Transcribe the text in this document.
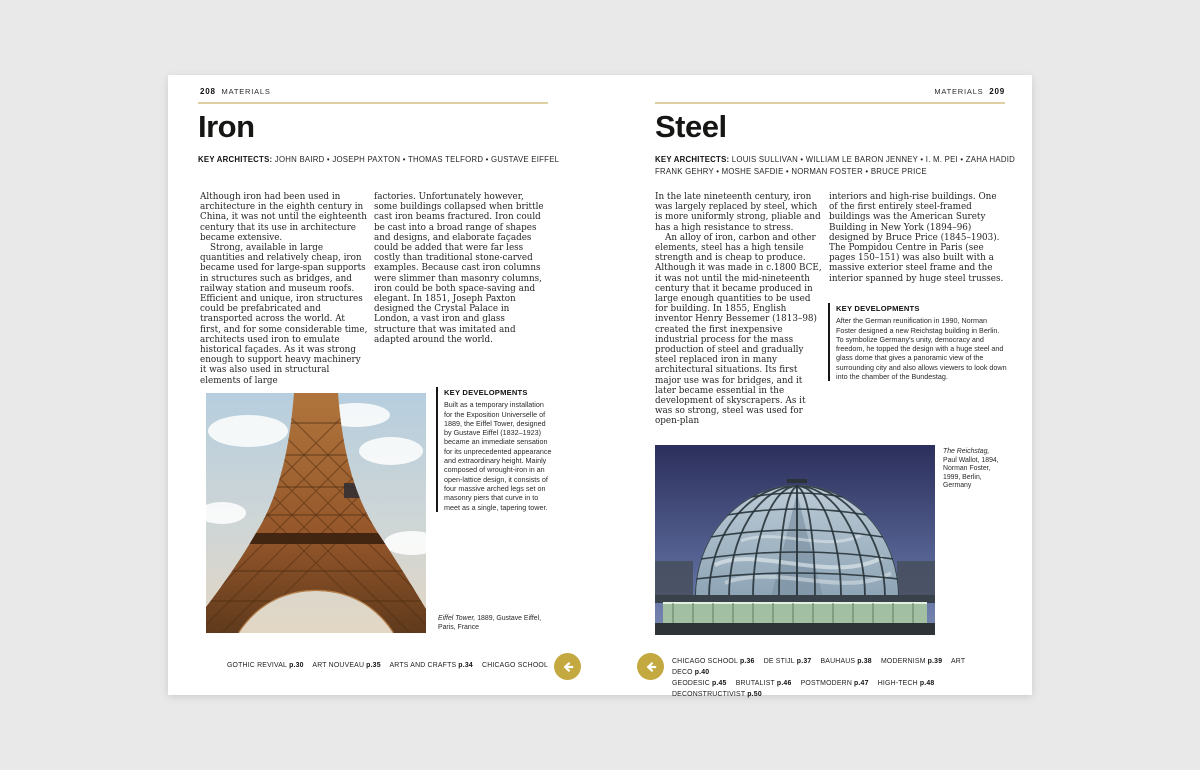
208 MATERIALS
Iron
KEY ARCHITECTS: JOHN BAIRD • JOSEPH PAXTON • THOMAS TELFORD • GUSTAVE EIFFEL

Although iron had been used in architecture in the eighth century in China, it was not until the eighteenth century that its use in architecture became extensive.

Strong, available in large quantities and relatively cheap, iron became used for large-span supports in structures such as bridges, and railway station and museum roofs. Efficient and unique, iron structures could be prefabricated and transported across the world. At first, and for some considerable time, architects used iron to emulate historical façades. As it was strong enough to support heavy machinery it was also used in structural elements of large

factories. Unfortunately however, some buildings collapsed when brittle cast iron beams fractured. Iron could be cast into a broad range of shapes and designs, and elaborate façades could be added that were far less costly than traditional stone-carved examples. Because cast iron columns were slimmer than masonry columns, iron could be both space-saving and elegant. In 1851, Joseph Paxton designed the Crystal Palace in London, a vast iron and glass structure that was imitated and adapted around the world.

KEY DEVELOPMENTS
Built as a temporary installation for the Exposition Universelle of 1889, the Eiffel Tower, designed by Gustave Eiffel (1832–1923) became an immediate sensation for its unprecedented appearance and extraordinary height. Mainly composed of wrought-iron in an open-lattice design, it consists of four massive arched legs set on masonry piers that curve in to meet as a single, tapering tower.
Eiffel Tower, 1889, Gustave Eiffel, Paris, France
GOTHIC REVIVAL p.30 ART NOUVEAU p.35 ARTS AND CRAFTS p.34 CHICAGO SCHOOL
MATERIALS 209
Steel
KEY ARCHITECTS: LOUIS SULLIVAN • WILLIAM LE BARON JENNEY • I. M. PEI • ZAHA HADID
FRANK GEHRY • MOSHE SAFDIE • NORMAN FOSTER • BRUCE PRICE

In the late nineteenth century, iron was largely replaced by steel, which is more uniformly strong, pliable and has a high resistance to stress.

An alloy of iron, carbon and other elements, steel has a high tensile strength and is cheap to produce. Although it was made in c.1800 BCE, it was not until the mid-nineteenth century that it became produced in large enough quantities to be used for building. In 1855, English inventor Henry Bessemer (1813–98) created the first inexpensive industrial process for the mass production of steel and gradually steel replaced iron in many architectural situations. Its first major use was for bridges, and it later became essential in the development of skyscrapers. As it was so strong, steel was used for open-plan

interiors and high-rise buildings. One of the first entirely steel-framed buildings was the American Surety Building in New York (1894–96) designed by Bruce Price (1845–1903). The Pompidou Centre in Paris (see pages 150–151) was also built with a massive exterior steel frame and the interior spanned by huge steel trusses.

KEY DEVELOPMENTS
After the German reunification in 1990, Norman Foster designed a new Reichstag building in Berlin. To symbolize Germany's unity, democracy and freedom, he topped the design with a huge steel and glass dome that gives a panoramic view of the surrounding city and also allows viewers to look down into the chamber of the Bundestag.
The Reichstag, Paul Wallot, 1894, Norman Foster, 1999, Berlin, Germany
CHICAGO SCHOOL p.36 DE STIJL p.37 BAUHAUS p.38 MODERNISM p.39 ART DECO p.40
GEODESIC p.45 BRUTALIST p.46 POSTMODERN p.47 HIGH-TECH p.48 DECONSTRUCTIVIST p.50
